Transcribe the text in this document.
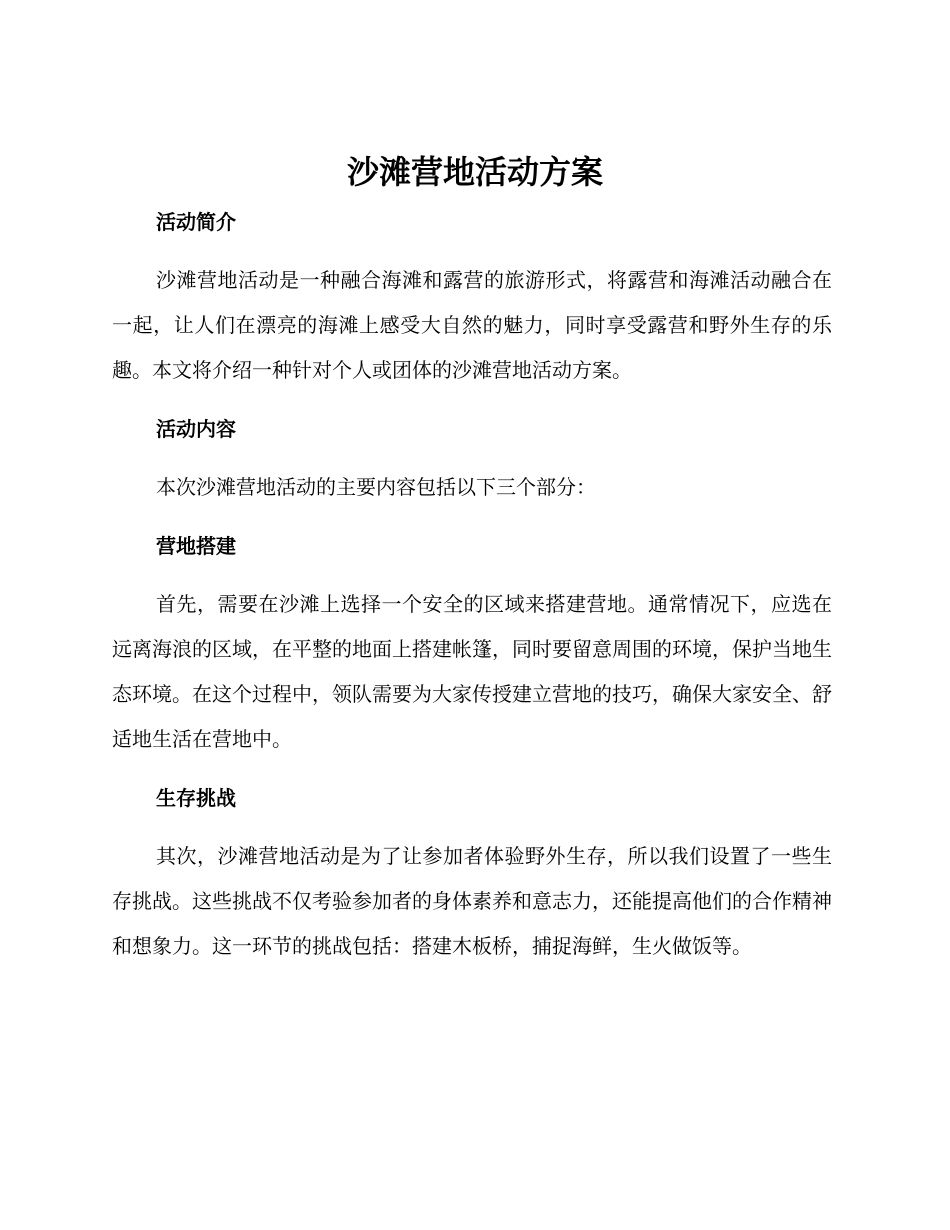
沙滩营地活动方案
活动简介

沙滩营地活动是一种融合海滩和露营的旅游形式，将露营和海滩活动融合在一起，让人们在漂亮的海滩上感受大自然的魅力，同时享受露营和野外生存的乐趣。本文将介绍一种针对个人或团体的沙滩营地活动方案。

活动内容

本次沙滩营地活动的主要内容包括以下三个部分：

营地搭建

首先，需要在沙滩上选择一个安全的区域来搭建营地。通常情况下，应选在远离海浪的区域，在平整的地面上搭建帐篷，同时要留意周围的环境，保护当地生态环境。在这个过程中，领队需要为大家传授建立营地的技巧，确保大家安全、舒适地生活在营地中。

生存挑战

其次，沙滩营地活动是为了让参加者体验野外生存，所以我们设置了一些生存挑战。这些挑战不仅考验参加者的身体素养和意志力，还能提高他们的合作精神和想象力。这一环节的挑战包括：搭建木板桥，捕捉海鲜，生火做饭等。
